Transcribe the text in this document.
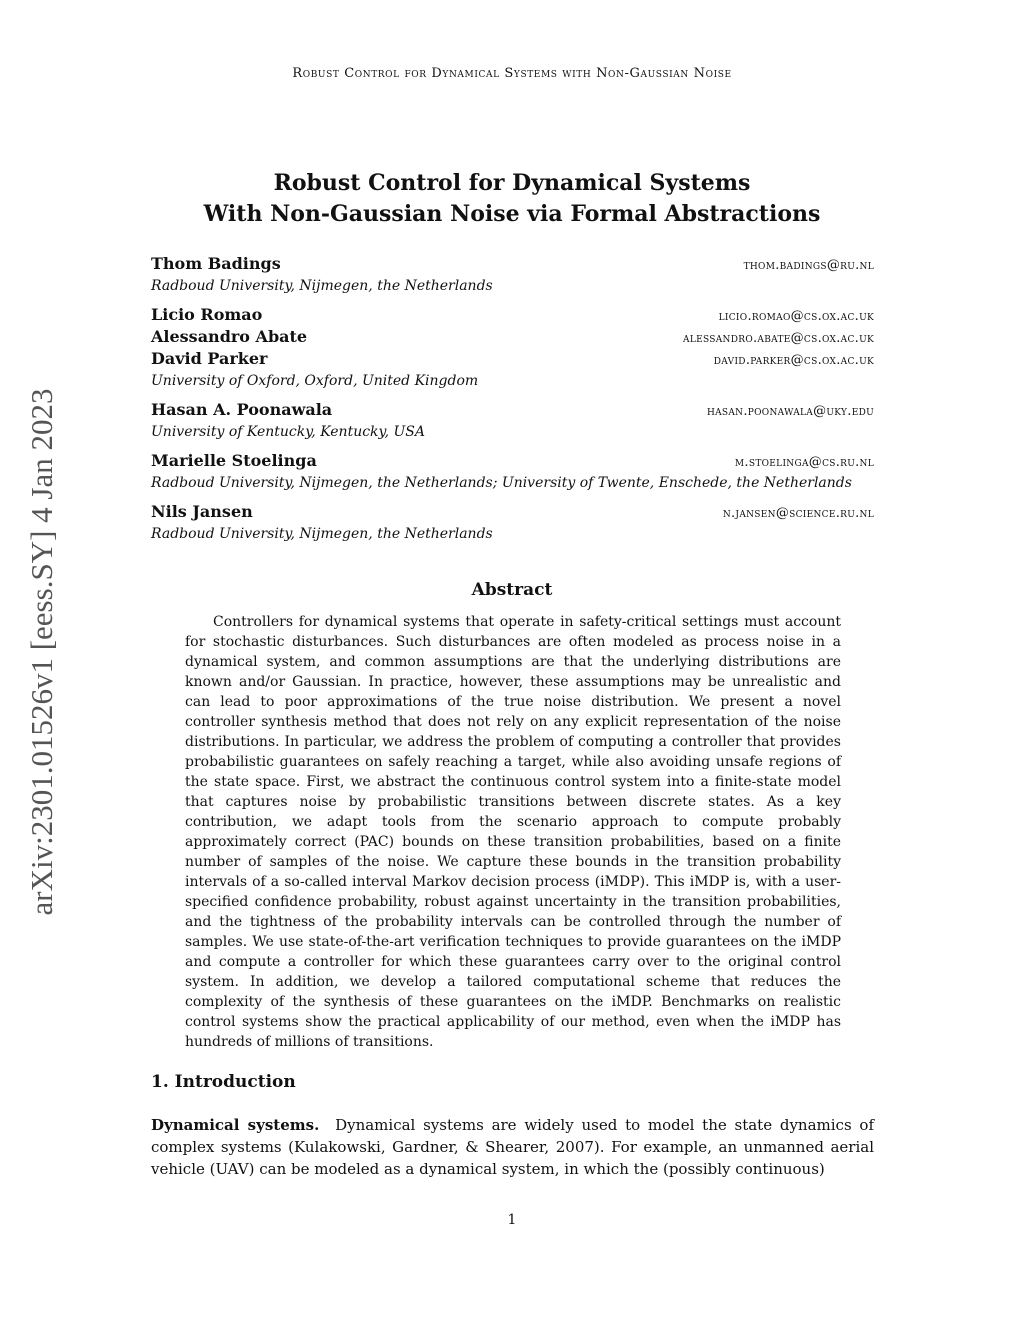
Robust Control for Dynamical Systems with Non-Gaussian Noise
arXiv:2301.01526v1 [eess.SY] 4 Jan 2023
Robust Control for Dynamical Systems
With Non-Gaussian Noise via Formal Abstractions
Thom Badings	thom.badings@ru.nl
Radboud University, Nijmegen, the Netherlands
Licio Romao	licio.romao@cs.ox.ac.uk
Alessandro Abate	alessandro.abate@cs.ox.ac.uk
David Parker	david.parker@cs.ox.ac.uk
University of Oxford, Oxford, United Kingdom
Hasan A. Poonawala	hasan.poonawala@uky.edu
University of Kentucky, Kentucky, USA
Marielle Stoelinga	m.stoelinga@cs.ru.nl
Radboud University, Nijmegen, the Netherlands; University of Twente, Enschede, the Netherlands
Nils Jansen	n.jansen@science.ru.nl
Radboud University, Nijmegen, the Netherlands
Abstract
Controllers for dynamical systems that operate in safety-critical settings must account for stochastic disturbances. Such disturbances are often modeled as process noise in a dynamical system, and common assumptions are that the underlying distributions are known and/or Gaussian. In practice, however, these assumptions may be unrealistic and can lead to poor approximations of the true noise distribution. We present a novel controller synthesis method that does not rely on any explicit representation of the noise distributions. In particular, we address the problem of computing a controller that provides probabilistic guarantees on safely reaching a target, while also avoiding unsafe regions of the state space. First, we abstract the continuous control system into a finite-state model that captures noise by probabilistic transitions between discrete states. As a key contribution, we adapt tools from the scenario approach to compute probably approximately correct (PAC) bounds on these transition probabilities, based on a finite number of samples of the noise. We capture these bounds in the transition probability intervals of a so-called interval Markov decision process (iMDP). This iMDP is, with a user-specified confidence probability, robust against uncertainty in the transition probabilities, and the tightness of the probability intervals can be controlled through the number of samples. We use state-of-the-art verification techniques to provide guarantees on the iMDP and compute a controller for which these guarantees carry over to the original control system. In addition, we develop a tailored computational scheme that reduces the complexity of the synthesis of these guarantees on the iMDP. Benchmarks on realistic control systems show the practical applicability of our method, even when the iMDP has hundreds of millions of transitions.
1. Introduction
Dynamical systems. Dynamical systems are widely used to model the state dynamics of complex systems (Kulakowski, Gardner, & Shearer, 2007). For example, an unmanned aerial vehicle (UAV) can be modeled as a dynamical system, in which the (possibly continuous)
1
